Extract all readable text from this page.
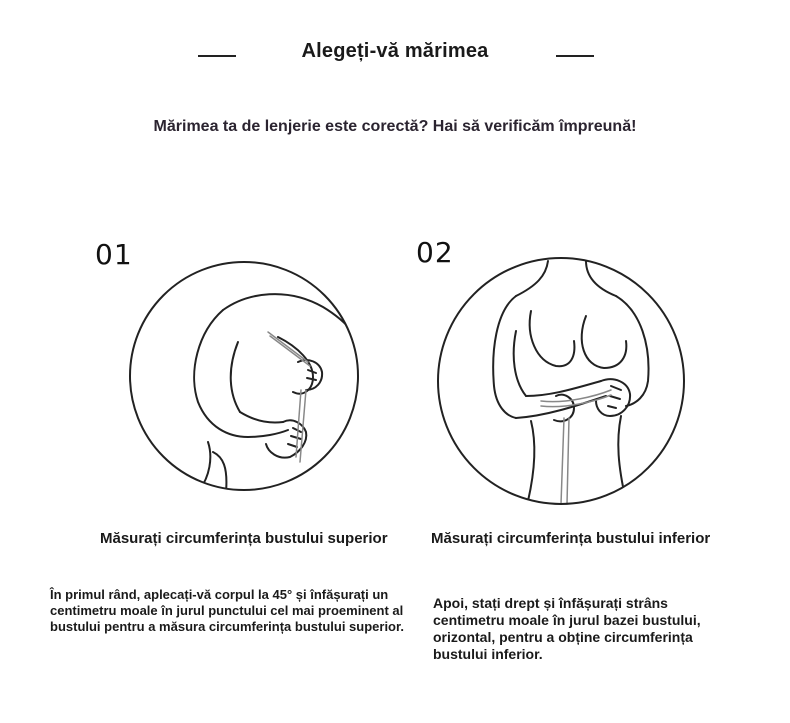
Alegeți-vă mărimea
Mărimea ta de lenjerie este corectă? Hai să verificăm împreună!
01
Măsurați circumferința bustului superior
În primul rând, aplecați-vă corpul la 45° și înfășurați un centimetru moale în jurul punctului cel mai proeminent al bustului pentru a măsura circumferința bustului superior.
02
Măsurați circumferința bustului inferior
Apoi, stați drept și înfășurați strâns centimetru moale în jurul bazei bustului, orizontal, pentru a obține circumferința bustului inferior.
